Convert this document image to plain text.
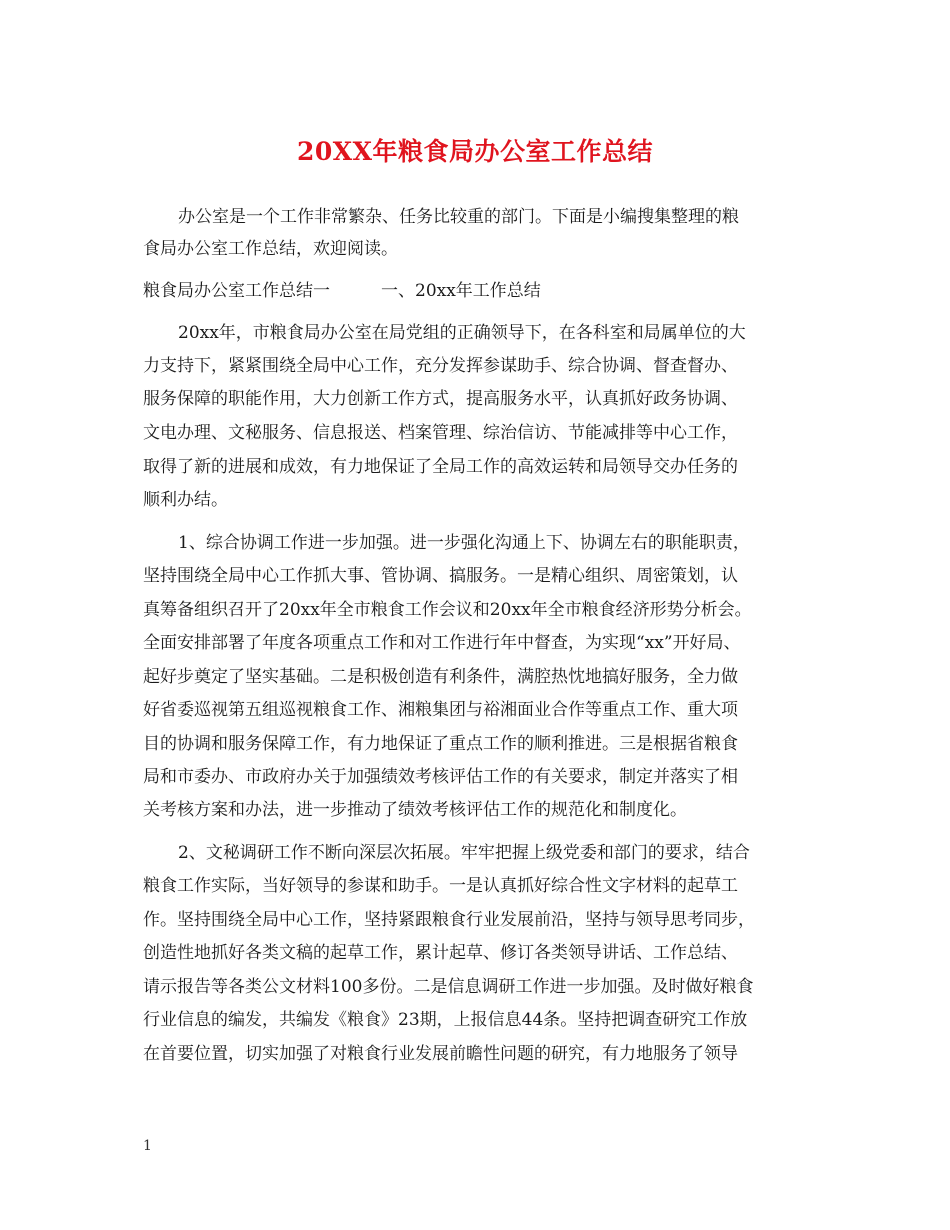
20XX年粮食局办公室工作总结
办公室是一个工作非常繁杂、任务比较重的部门。下面是小编搜集整理的粮
食局办公室工作总结，欢迎阅读。
粮食局办公室工作总结一　　　一、20xx年工作总结
20xx年，市粮食局办公室在局党组的正确领导下，在各科室和局属单位的大
力支持下，紧紧围绕全局中心工作，充分发挥参谋助手、综合协调、督查督办、
服务保障的职能作用，大力创新工作方式，提高服务水平，认真抓好政务协调、
文电办理、文秘服务、信息报送、档案管理、综治信访、节能减排等中心工作，
取得了新的进展和成效，有力地保证了全局工作的高效运转和局领导交办任务的
顺利办结。
1、综合协调工作进一步加强。进一步强化沟通上下、协调左右的职能职责，
坚持围绕全局中心工作抓大事、管协调、搞服务。一是精心组织、周密策划，认
真筹备组织召开了20xx年全市粮食工作会议和20xx年全市粮食经济形势分析会。
全面安排部署了年度各项重点工作和对工作进行年中督查，为实现“xx”开好局、
起好步奠定了坚实基础。二是积极创造有利条件，满腔热忱地搞好服务，全力做
好省委巡视第五组巡视粮食工作、湘粮集团与裕湘面业合作等重点工作、重大项
目的协调和服务保障工作，有力地保证了重点工作的顺利推进。三是根据省粮食
局和市委办、市政府办关于加强绩效考核评估工作的有关要求，制定并落实了相
关考核方案和办法，进一步推动了绩效考核评估工作的规范化和制度化。
2、文秘调研工作不断向深层次拓展。牢牢把握上级党委和部门的要求，结合
粮食工作实际，当好领导的参谋和助手。一是认真抓好综合性文字材料的起草工
作。坚持围绕全局中心工作，坚持紧跟粮食行业发展前沿，坚持与领导思考同步，
创造性地抓好各类文稿的起草工作，累计起草、修订各类领导讲话、工作总结、
请示报告等各类公文材料100多份。二是信息调研工作进一步加强。及时做好粮食
行业信息的编发，共编发《粮食》23期，上报信息44条。坚持把调查研究工作放
在首要位置，切实加强了对粮食行业发展前瞻性问题的研究，有力地服务了领导
1
